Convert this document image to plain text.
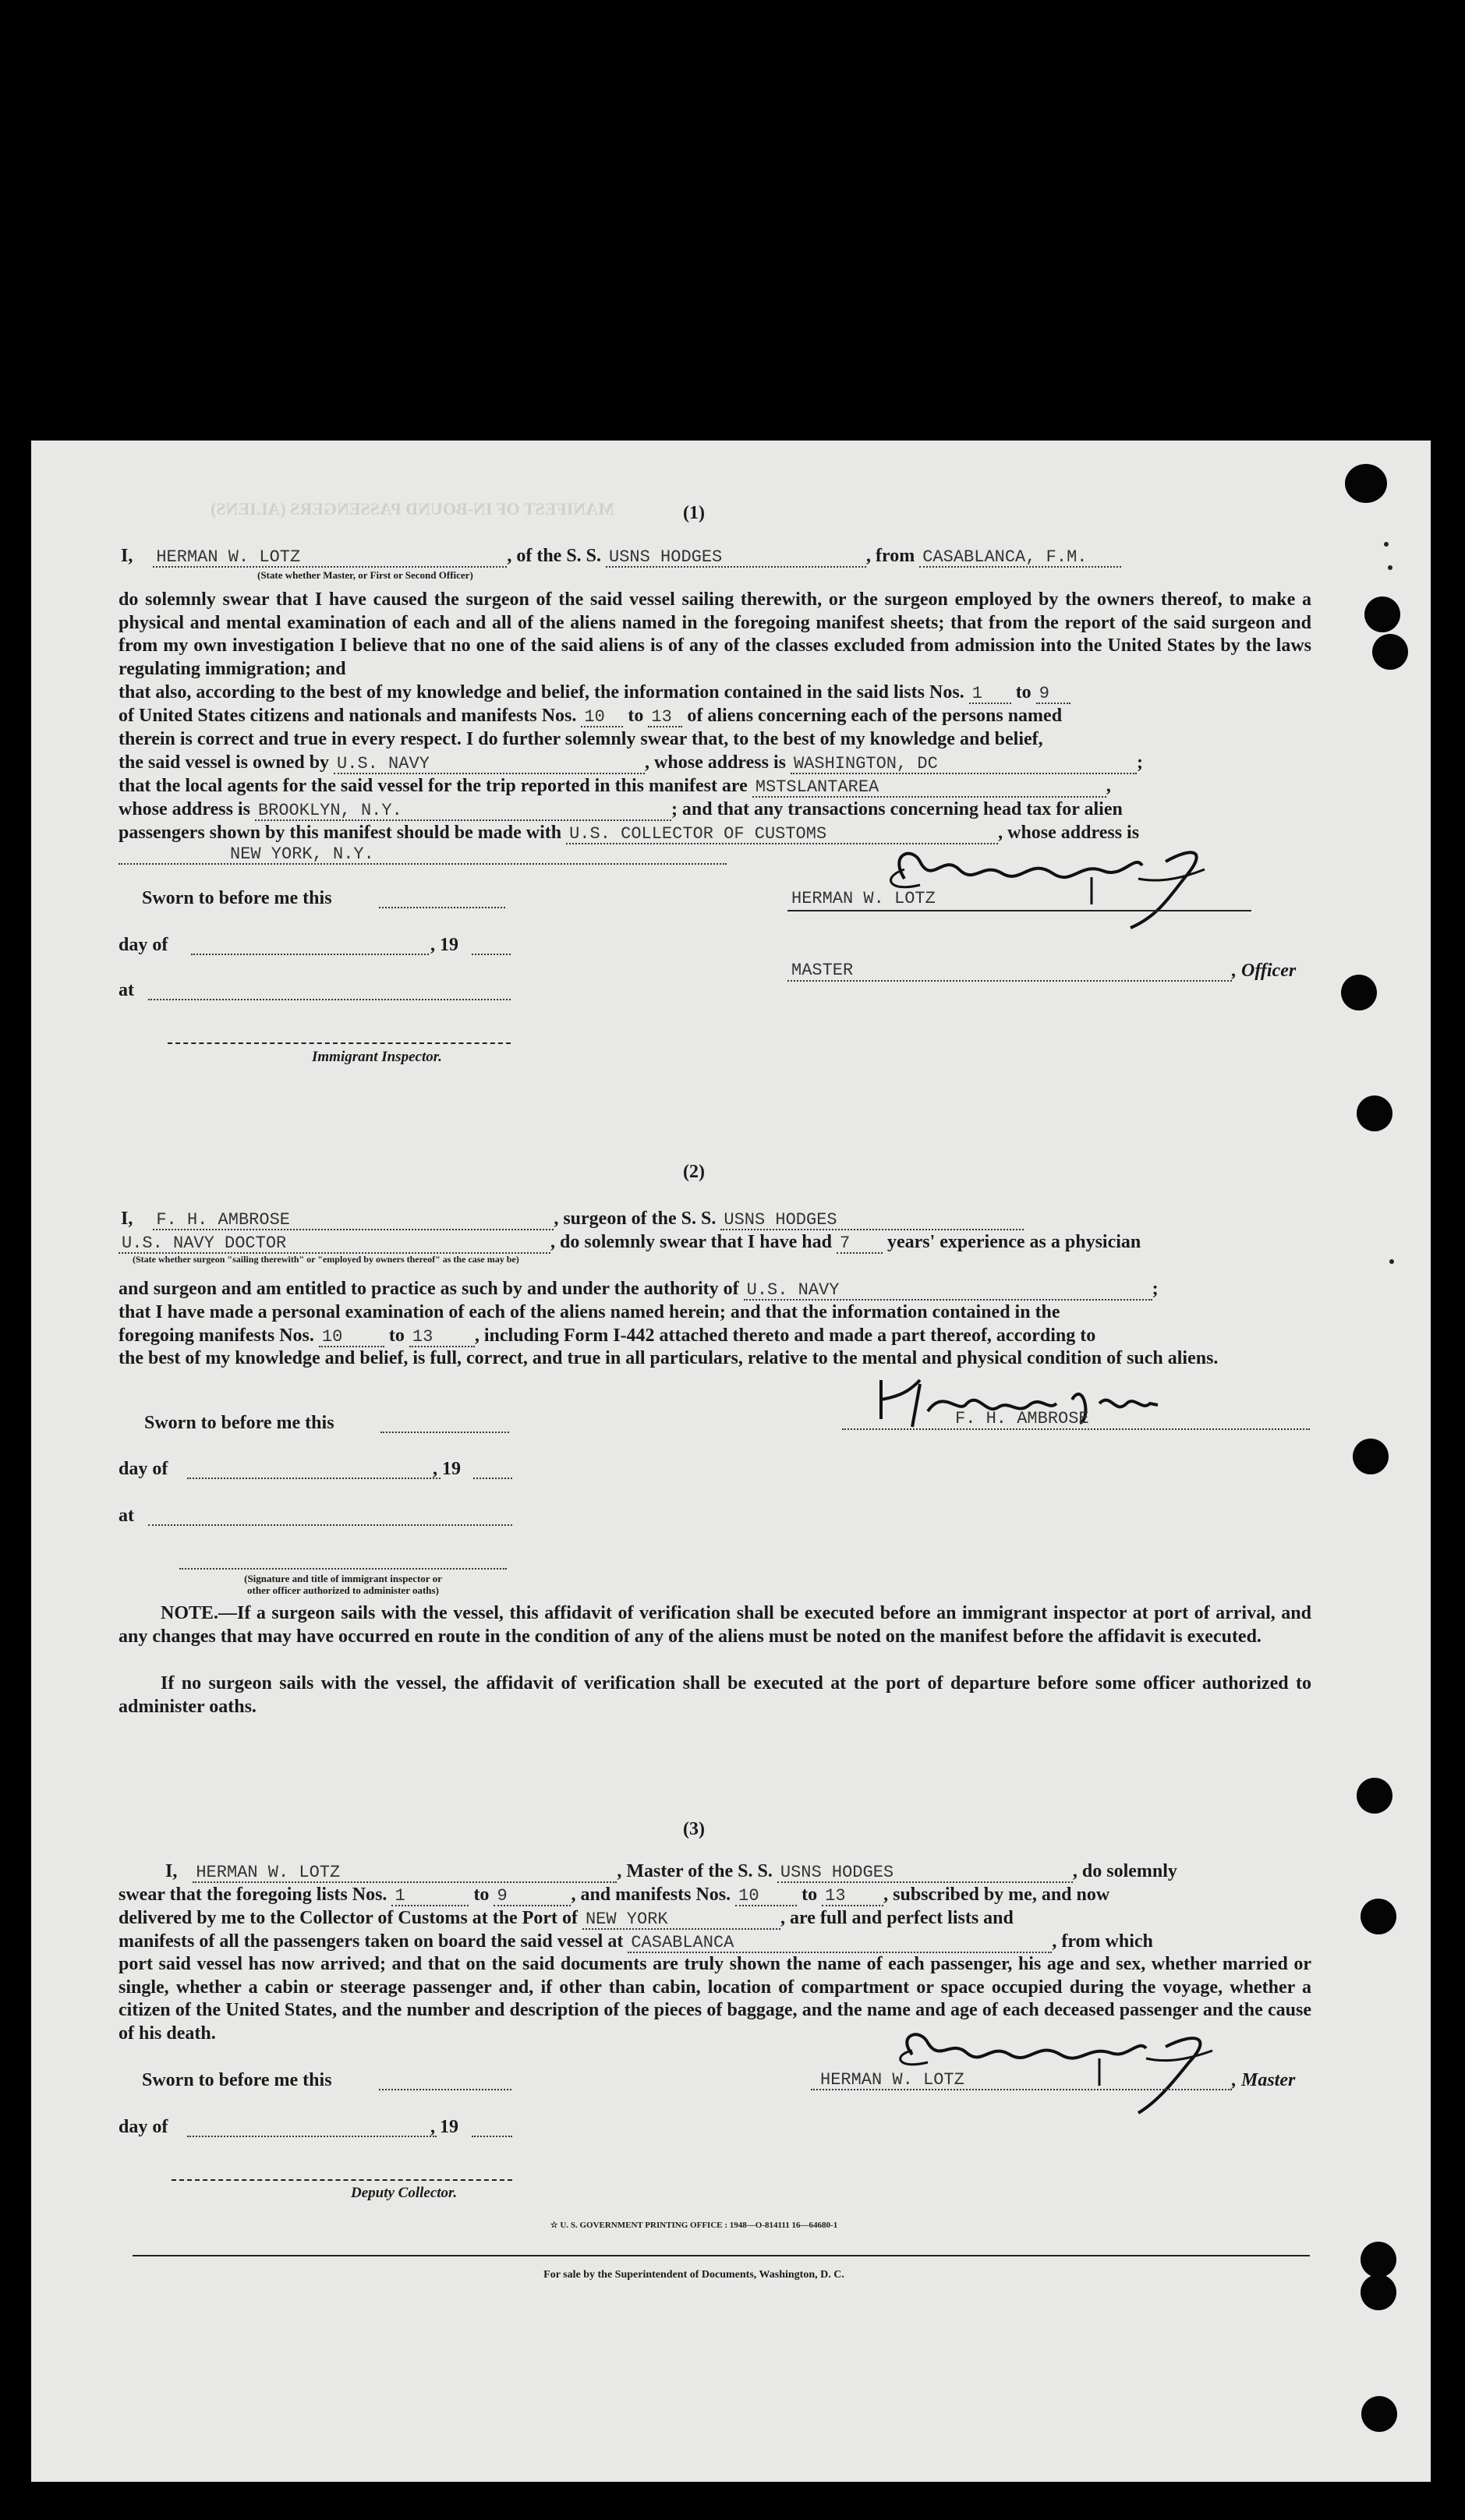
MANIFEST OF IN-BOUND PASSENGERS (ALIENS)	(1)
I, HERMAN W. LOTZ	, of the S. S. USNS HODGES	, from CASABLANCA, F.M.
(State whether Master, or First or Second Officer)
do solemnly swear that I have caused the surgeon of the said vessel sailing therewith, or the surgeon employed by the owners thereof, to make a physical and mental examination of each and all of the aliens named in the foregoing manifest sheets; that from the report of the said surgeon and from my own investigation I believe that no one of the said aliens is of any of the classes excluded from admission into the United States by the laws regulating immigration; and
that also, according to the best of my knowledge and belief, the information contained in the said lists Nos. 1 to 9
of United States citizens and nationals and manifests Nos. 10 to 13 of aliens concerning each of the persons named
therein is correct and true in every respect. I do further solemnly swear that, to the best of my knowledge and belief,
the said vessel is owned by U.S. NAVY	, whose address is WASHINGTON, DC	;
that the local agents for the said vessel for the trip reported in this manifest are MSTSLANTAREA	,
whose address is BROOKLYN, N.Y.	; and that any transactions concerning head tax for alien
passengers shown by this manifest should be made with U.S. COLLECTOR OF CUSTOMS	, whose address is
NEW YORK, N.Y.
Sworn to before me this
day of	, 19
at
Immigrant Inspector.
HERMAN W. LOTZ
MASTER	, Officer
(2)
I, F. H. AMBROSE	, surgeon of the S. S. USNS HODGES
U.S. NAVY DOCTOR	, do solemnly swear that I have had 7 years' experience as a physician
(State whether surgeon "sailing therewith" or "employed by owners thereof" as the case may be)
and surgeon and am entitled to practice as such by and under the authority of U.S. NAVY	;
that I have made a personal examination of each of the aliens named herein; and that the information contained in the
foregoing manifests Nos. 10 to 13 , including Form I-442 attached thereto and made a part thereof, according to
the best of my knowledge and belief, is full, correct, and true in all particulars, relative to the mental and physical condition of such aliens.
Sworn to before me this
day of	, 19
at
(Signature and title of immigrant inspector or
other officer authorized to administer oaths)
F. H. AMBROSE
NOTE.—If a surgeon sails with the vessel, this affidavit of verification shall be executed before an immigrant inspector at port of arrival, and any changes that may have occurred en route in the condition of any of the aliens must be noted on the manifest before the affidavit is executed.
If no surgeon sails with the vessel, the affidavit of verification shall be executed at the port of departure before some officer authorized to administer oaths.
(3)
I, HERMAN W. LOTZ	, Master of the S. S. USNS HODGES	, do solemnly
swear that the foregoing lists Nos. 1	to 9	, and manifests Nos. 10 to 13 , subscribed by me, and now
delivered by me to the Collector of Customs at the Port of NEW YORK	, are full and perfect lists and
manifests of all the passengers taken on board the said vessel at CASABLANCA	, from which
port said vessel has now arrived; and that on the said documents are truly shown the name of each passenger, his age and sex, whether married or single, whether a cabin or steerage passenger and, if other than cabin, location of compartment or space occupied during the voyage, whether a citizen of the United States, and the number and description of the pieces of baggage, and the name and age of each deceased passenger and the cause of his death.
Sworn to before me this
day of	, 19
Deputy Collector.
HERMAN W. LOTZ	, Master
☆ U. S. GOVERNMENT PRINTING OFFICE : 1948—O-814111 16—64680-1
For sale by the Superintendent of Documents, Washington, D. C.
